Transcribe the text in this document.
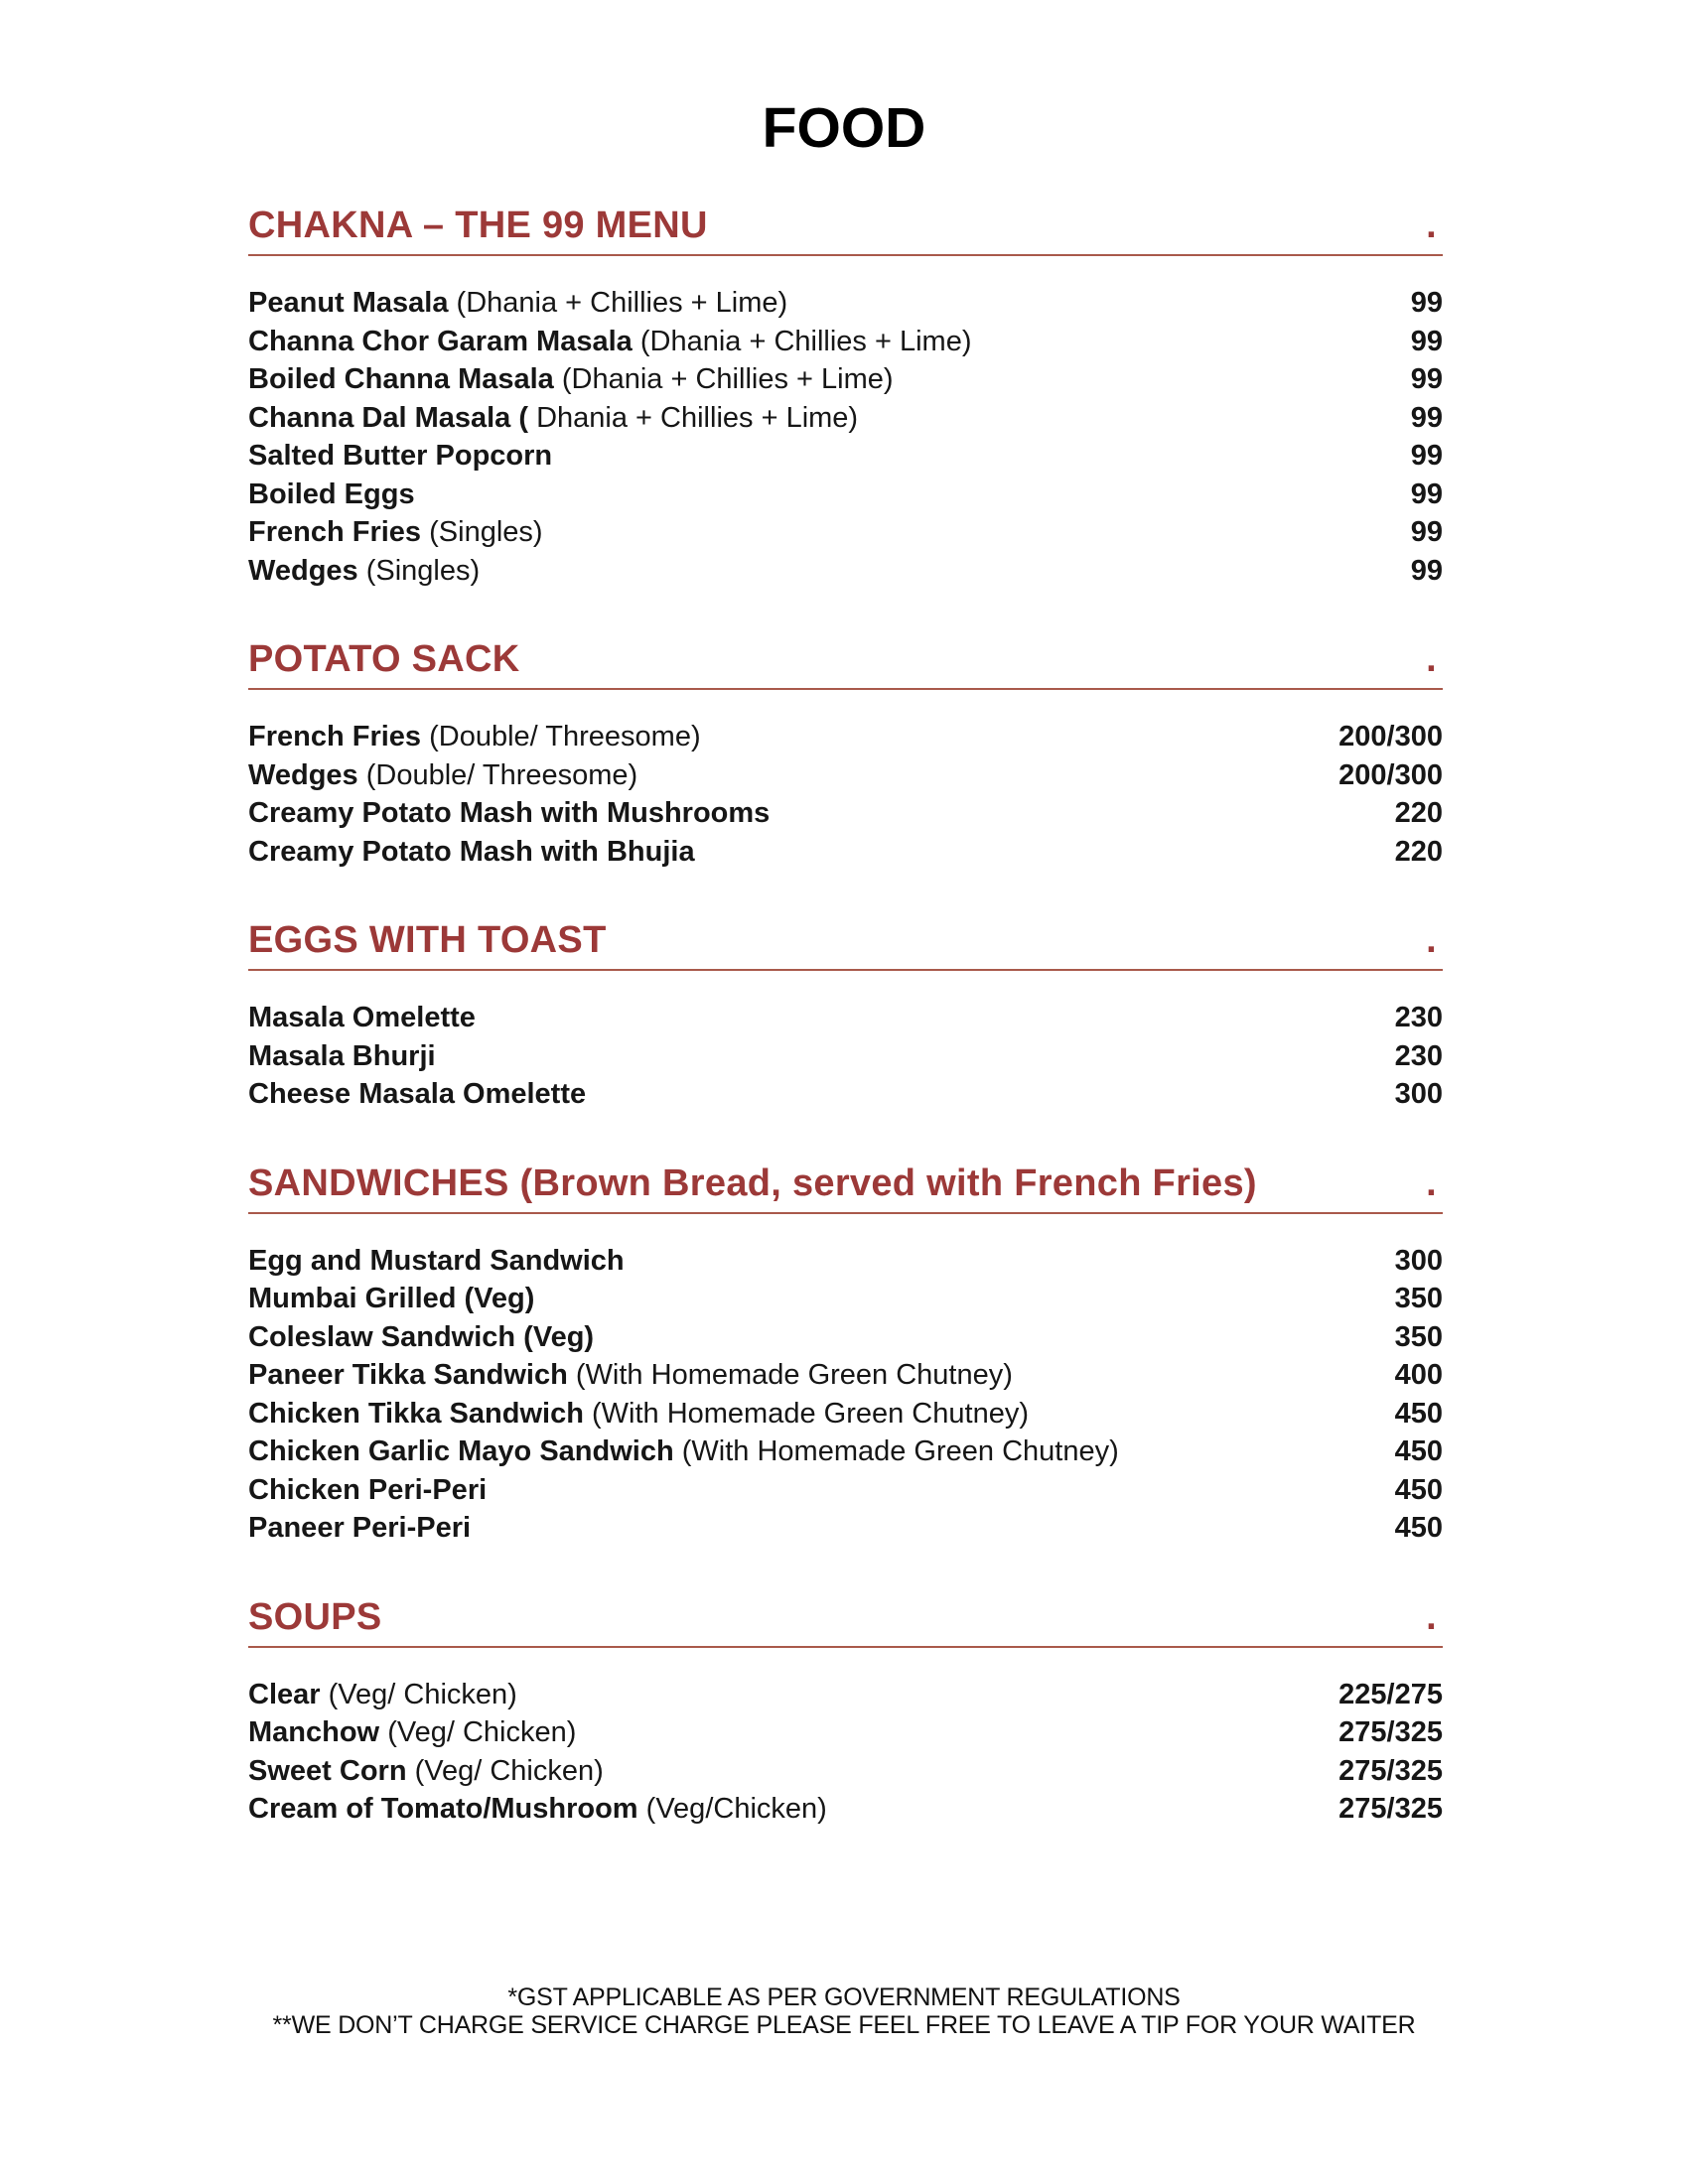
FOOD
CHAKNA – THE 99 MENU	.
Peanut Masala (Dhania + Chillies + Lime)	99
Channa Chor Garam Masala (Dhania + Chillies + Lime)	99
Boiled Channa Masala (Dhania + Chillies + Lime)	99
Channa Dal Masala ( Dhania + Chillies + Lime)	99
Salted Butter Popcorn	99
Boiled Eggs	99
French Fries (Singles)	99
Wedges (Singles)	99
POTATO SACK	.
French Fries (Double/ Threesome)	200/300
Wedges (Double/ Threesome)	200/300
Creamy Potato Mash with Mushrooms	220
Creamy Potato Mash with Bhujia	220
EGGS WITH TOAST	.
Masala Omelette	230
Masala Bhurji	230
Cheese Masala Omelette	300
SANDWICHES (Brown Bread, served with French Fries)	.
Egg and Mustard Sandwich	300
Mumbai Grilled (Veg)	350
Coleslaw Sandwich (Veg)	350
Paneer Tikka Sandwich (With Homemade Green Chutney)	400
Chicken Tikka Sandwich (With Homemade Green Chutney)	450
Chicken Garlic Mayo Sandwich (With Homemade Green Chutney)	450
Chicken Peri-Peri	450
Paneer Peri-Peri	450
SOUPS	.
Clear (Veg/ Chicken)	225/275
Manchow (Veg/ Chicken)	275/325
Sweet Corn (Veg/ Chicken)	275/325
Cream of Tomato/Mushroom (Veg/Chicken)	275/325
*GST APPLICABLE AS PER GOVERNMENT REGULATIONS
**WE DON’T CHARGE SERVICE CHARGE PLEASE FEEL FREE TO LEAVE A TIP FOR YOUR WAITER
